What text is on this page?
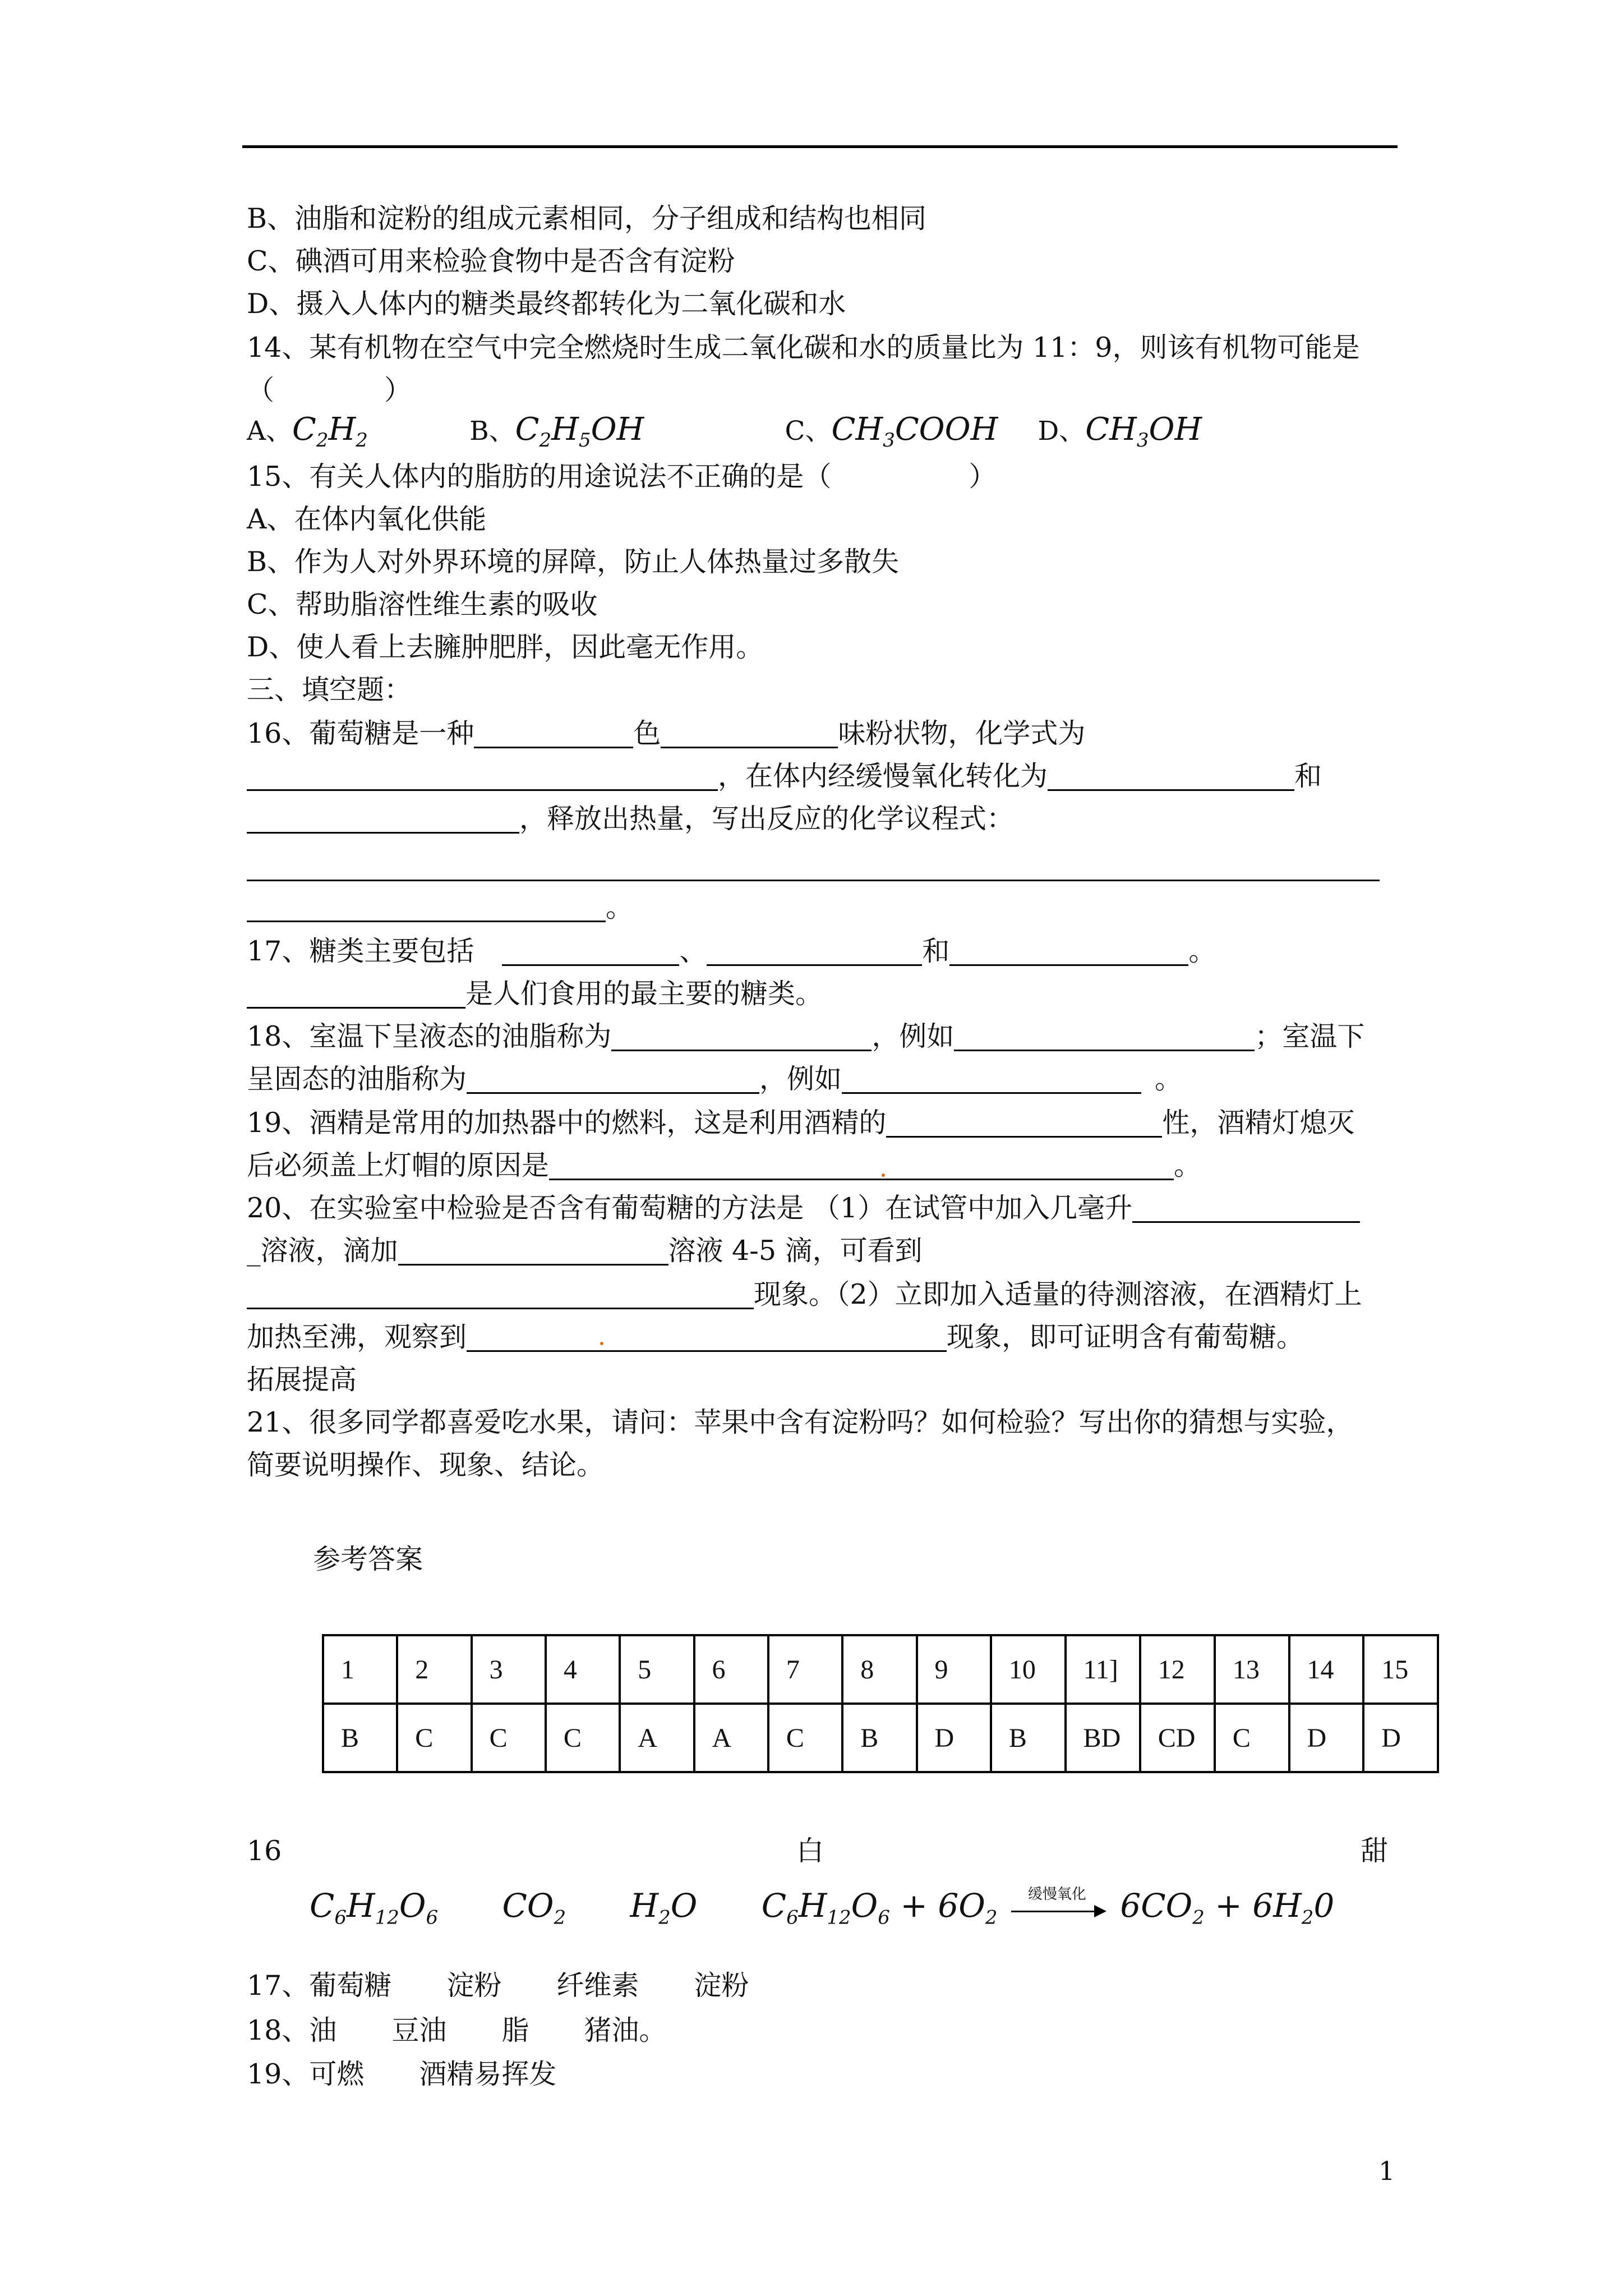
B、油脂和淀粉的组成元素相同，分子组成和结构也相同
C、碘酒可用来检验食物中是否含有淀粉
D、摄入人体内的糖类最终都转化为二氧化碳和水
14、某有机物在空气中完全燃烧时生成二氧化碳和水的质量比为 11：9，则该有机物可能是
（　　　　）
A、$C_2H_2$	B、$C_2H_5OH$	C、$CH_3COOH$ D、$CH_3OH$
15、有关人体内的脂肪的用途说法不正确的是（　　　　　）
A、在体内氧化供能
B、作为人对外界环境的屏障，防止人体热量过多散失
C、帮助脂溶性维生素的吸收
D、使人看上去臃肿肥胖，因此毫无作用。
三、填空题：
16、葡萄糖是一种	色	味粉状物，化学式为
，在体内经缓慢氧化转化为	和
，释放出热量，写出反应的化学议程式：
。
17、糖类主要包括	、	和	。
是人们食用的最主要的糖类。
18、室温下呈液态的油脂称为	，例如	；室温下
呈固态的油脂称为	，例如	。
19、酒精是常用的加热器中的燃料，这是利用酒精的	性，酒精灯熄灭
后必须盖上灯帽的原因是	。
20、在实验室中检验是否含有葡萄糖的方法是 （1）在试管中加入几毫升
_溶液，滴加	溶液 4-5 滴，可看到
现象。（2）立即加入适量的待测溶液，在酒精灯上
加热至沸，观察到	现象，即可证明含有葡萄糖。
拓展提高
21、很多同学都喜爱吃水果，请问：苹果中含有淀粉吗？如何检验？写出你的猜想与实验，
简要说明操作、现象、结论。
参考答案
1	2	3	4	5	6	7	8	9	10	11]	12	13	14	15
B	C	C	C	A	A	C	B	D	B	BD	CD	C	D	D
16	白	甜
$C_6H_{12}O_6$ $CO_2$ $H_2O$ $C_6H_{12}O_6 + 6O_2$
缓慢氧化 $6CO_2 + 6H_20$
17、葡萄糖　　淀粉　　纤维素　　淀粉
18、油　　豆油　　脂　　猪油。
19、可燃　　酒精易挥发
1
